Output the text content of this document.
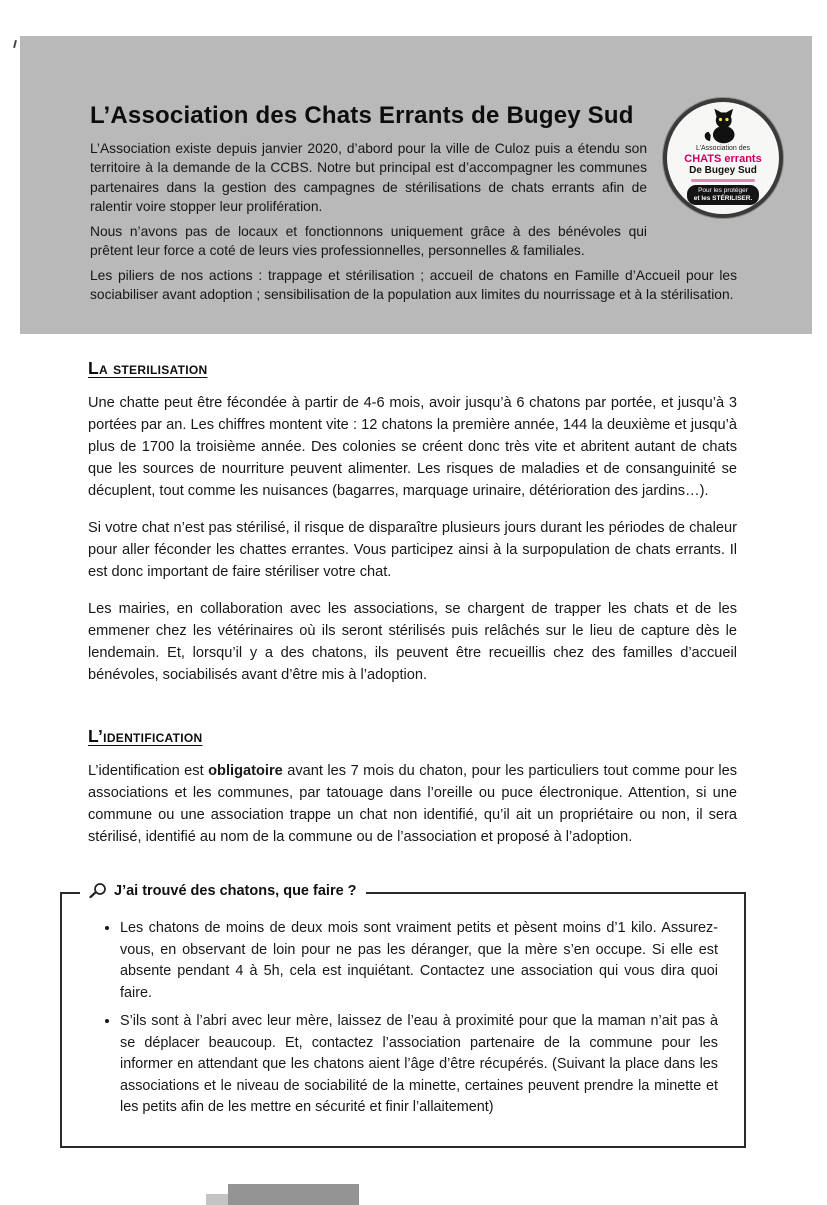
L’Association des
CHATS errants
De Bugey Sud
Pour les protéger
et les STÉRILISER.
L’Association des Chats Errants de Bugey Sud

L’Association existe depuis janvier 2020, d’abord pour la ville de Culoz puis a étendu son territoire à la demande de la CCBS. Notre but principal est d’accompagner les communes partenaires dans la gestion des campagnes de stérilisations de chats errants afin de ralentir voire stopper leur prolifération.

Nous n’avons pas de locaux et fonctionnons uniquement grâce à des bénévoles qui prêtent leur force a coté de leurs vies professionnelles, personnelles & familiales.

Les piliers de nos actions : trappage et stérilisation ; accueil de chatons en Famille d’Accueil pour les sociabiliser avant adoption ; sensibilisation de la population aux limites du nourrissage et à la stérilisation.

La sterilisation

Une chatte peut être fécondée à partir de 4-6 mois, avoir jusqu’à 6 chatons par portée, et jusqu’à 3 portées par an. Les chiffres montent vite : 12 chatons la première année, 144 la deuxième et jusqu’à plus de 1700 la troisième année. Des colonies se créent donc très vite et abritent autant de chats que les sources de nourriture peuvent alimenter. Les risques de maladies et de consanguinité se décuplent, tout comme les nuisances (bagarres, marquage urinaire, détérioration des jardins…).

Si votre chat n’est pas stérilisé, il risque de disparaître plusieurs jours durant les périodes de chaleur pour aller féconder les chattes errantes. Vous participez ainsi à la surpopulation de chats errants. Il est donc important de faire stériliser votre chat.

Les mairies, en collaboration avec les associations, se chargent de trapper les chats et de les emmener chez les vétérinaires où ils seront stérilisés puis relâchés sur le lieu de capture dès le lendemain. Et, lorsqu’il y a des chatons, ils peuvent être recueillis chez des familles d’accueil bénévoles, sociabilisés avant d’être mis à l’adoption.

L’identification

L’identification est obligatoire avant les 7 mois du chaton, pour les particuliers tout comme pour les associations et les communes, par tatouage dans l’oreille ou puce électronique. Attention, si une commune ou une association trappe un chat non identifié, qu’il ait un propriétaire ou non, il sera stérilisé, identifié au nom de la commune ou de l’association et proposé à l’adoption.

J’ai trouvé des chatons, que faire ?
• Les chatons de moins de deux mois sont vraiment petits et pèsent moins d’1 kilo. Assurez-vous, en observant de loin pour ne pas les déranger, que la mère s’en occupe. Si elle est absente pendant 4 à 5h, cela est inquiétant. Contactez une association qui vous dira quoi faire.
• S’ils sont à l’abri avec leur mère, laissez de l’eau à proximité pour que la maman n’ait pas à se déplacer beaucoup. Et, contactez l’association partenaire de la commune pour les informer en attendant que les chatons aient l’âge d’être récupérés. (Suivant la place dans les associations et le niveau de sociabilité de la minette, certaines peuvent prendre la minette et les petits afin de les mettre en sécurité et finir l’allaitement)
